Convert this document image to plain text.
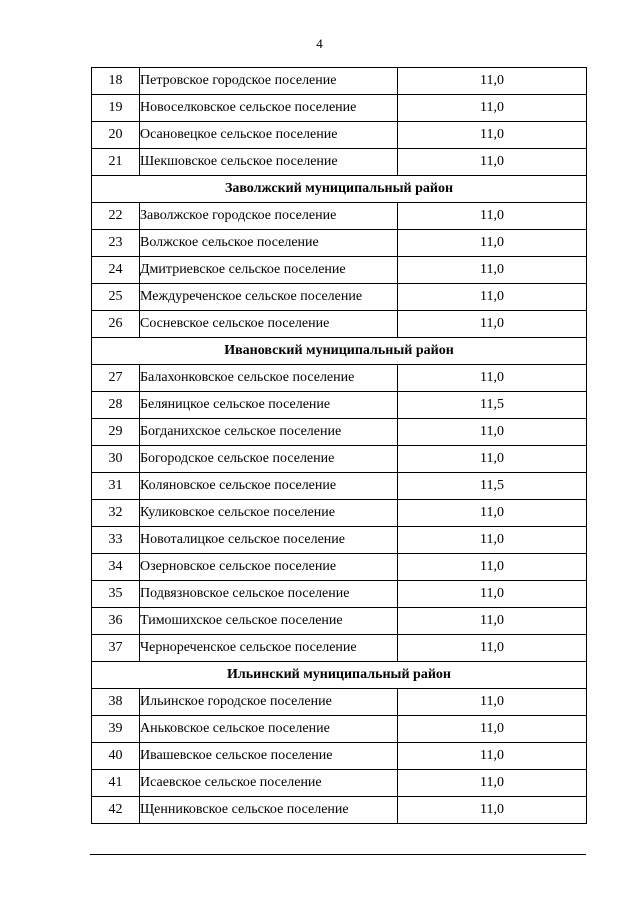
4
18	Петровское городское поселение	11,0
19	Новоселковское сельское поселение	11,0
20	Осановецкое сельское поселение	11,0
21	Шекшовское сельское поселение	11,0
Заволжский муниципальный район		
22	Заволжское городское поселение	11,0
23	Волжское сельское поселение	11,0
24	Дмитриевское сельское поселение	11,0
25	Междуреченское сельское поселение	11,0
26	Сосневское сельское поселение	11,0
Ивановский муниципальный район		
27	Балахонковское сельское поселение	11,0
28	Беляницкое сельское поселение	11,5
29	Богданихское сельское поселение	11,0
30	Богородское сельское поселение	11,0
31	Коляновское сельское поселение	11,5
32	Куликовское сельское поселение	11,0
33	Новоталицкое сельское поселение	11,0
34	Озерновское сельское поселение	11,0
35	Подвязновское сельское поселение	11,0
36	Тимошихское сельское поселение	11,0
37	Чернореченское сельское поселение	11,0
Ильинский муниципальный район		
38	Ильинское городское поселение	11,0
39	Аньковское сельское поселение	11,0
40	Ивашевское сельское поселение	11,0
41	Исаевское сельское поселение	11,0
42	Щенниковское сельское поселение	11,0
